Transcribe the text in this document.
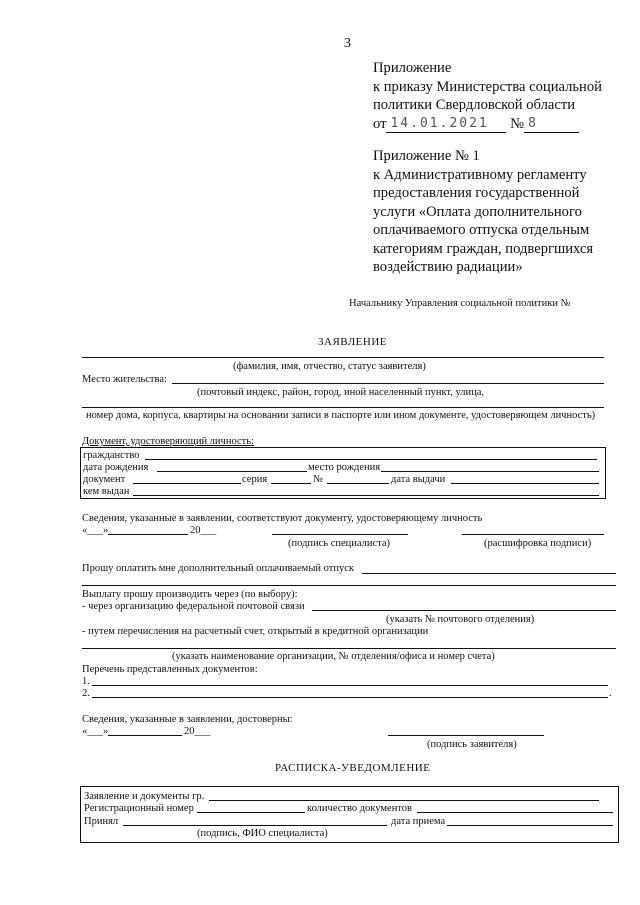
3
Приложение
к приказу Министерства социальной
политики Свердловской области
от 14.01.2021 № 8
Приложение № 1
к Административному регламенту
предоставления государственной
услуги «Оплата дополнительного
оплачиваемого отпуска отдельным
категориям граждан, подвергшихся
воздействию радиации»
Начальнику Управления социальной политики №
ЗАЯВЛЕНИЕ
(фамилия, имя, отчество, статус заявителя)
Место жительства:
(почтовый индекс, район, город, иной населенный пункт, улица,
номер дома, корпуса, квартиры на основании записи в паспорте или ином документе, удостоверяющем личность)
Документ, удостоверяющий личность:
гражданство
дата рождения	место рождения
документ	серия	№	дата выдачи
кем выдан
Сведения, указанные в заявлении, соответствуют документу, удостоверяющему личность
«___»	20___
(подпись специалиста)	(расшифровка подписи)
Прошу оплатить мне дополнительный оплачиваемый отпуск
Выплату прошу производить через (по выбору):
- через организацию федеральной почтовой связи
(указать № почтового отделения)
- путем перечисления на расчетный счет, открытый в кредитной организации
(указать наименование организации, № отделения/офиса и номер счета)
Перечень представленных документов:
1.
2.	.
Сведения, указанные в заявлении, достоверны:
«___»	20___
(подпись заявителя)
РАСПИСКА-УВЕДОМЛЕНИЕ
Заявление и документы гр.
Регистрационный номер	количество документов
Принял	дата приема
(подпись, ФИО специалиста)
